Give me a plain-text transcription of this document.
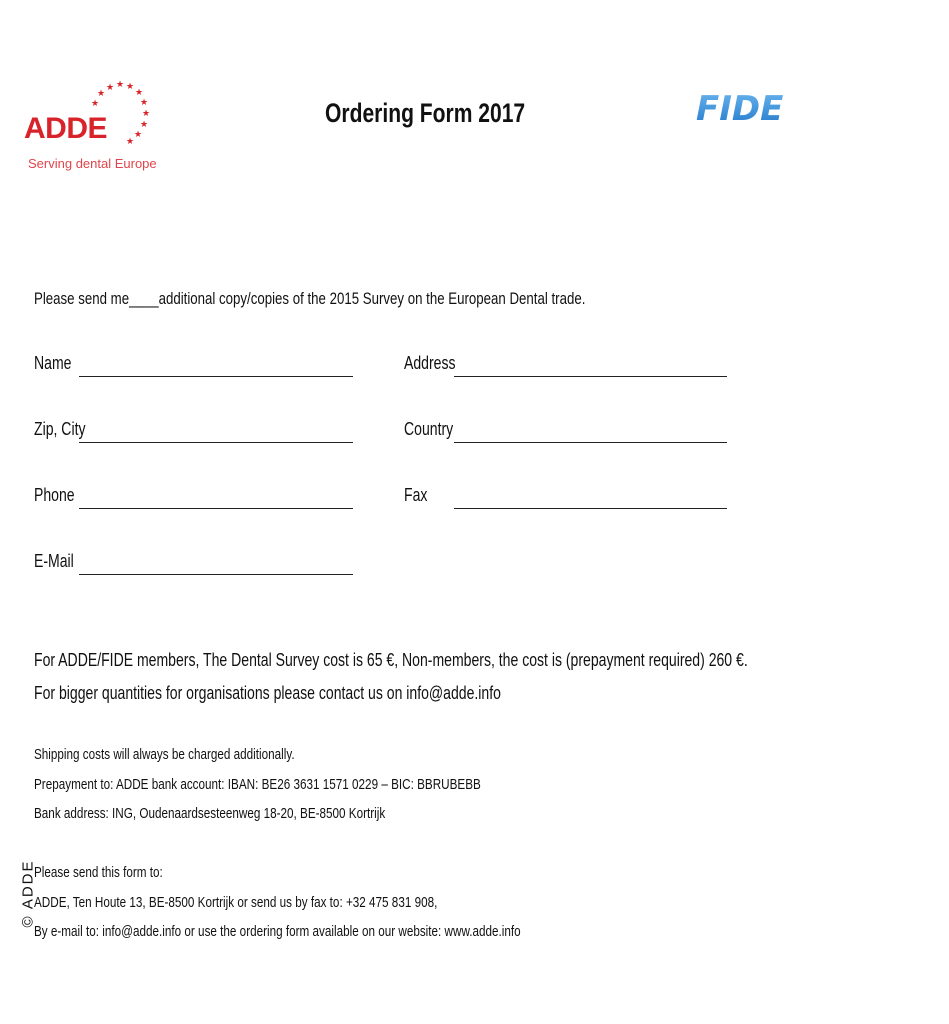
★ ★
★
★
★
★
★
★
★
★
★
ADDE
Serving dental Europe
Ordering Form 2017	FIDE
Please send me____additional copy/copies of the 2015 Survey on the European Dental trade.
Name	Address
Zip, City	Country
Phone	Fax
E-Mail
For ADDE/FIDE members, The Dental Survey cost is 65 €, Non-members, the cost is (prepayment required) 260 €.
For bigger quantities for organisations please contact us on info@adde.info
Shipping costs will always be charged additionally.
Prepayment to: ADDE bank account: IBAN: BE26 3631 1571 0229 – BIC: BBRUBEBB
Bank address: ING, Oudenaardsesteenweg 18-20, BE-8500 Kortrijk
Please send this form to:
ADDE, Ten Houte 13, BE-8500 Kortrijk or send us by fax to: +32 475 831 908,
By e-mail to: info@adde.info or use the ordering form available on our website: www.adde.info
© ADDE
